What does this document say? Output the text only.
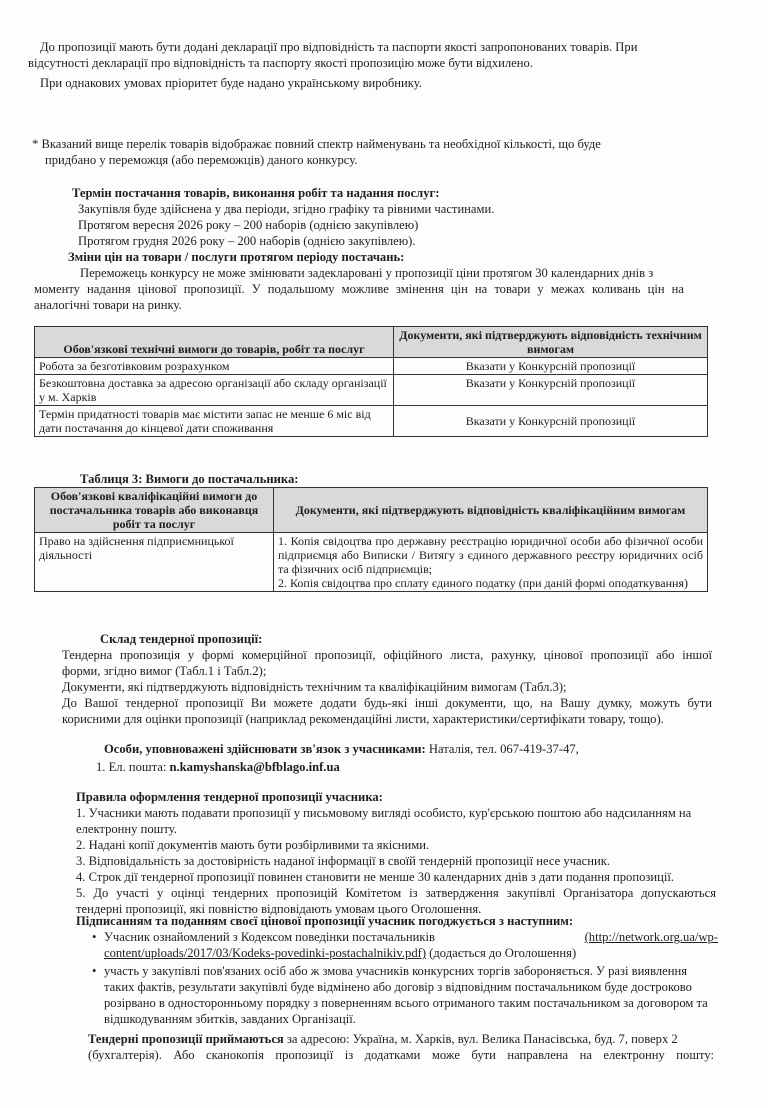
До пропозиції мають бути додані декларації про відповідність та паспорти якості запропонованих товарів. При
відсутності декларації про відповідність та паспорту якості пропозицію може бути відхилено.
При однакових умовах пріоритет буде надано українському виробнику.
* Вказаний вище перелік товарів відображає повний спектр найменувань та необхідної кількості, що буде
придбано у переможця (або переможців) даного конкурсу.
Термін постачання товарів, виконання робіт та надання послуг:
Закупівля буде здійснена у два періоди, згідно графіку та рівними частинами.
Протягом вересня 2026 року – 200 наборів (однією закупівлею)
Протягом грудня 2026 року – 200 наборів (однією закупівлею).
Зміни цін на товари / послуги протягом періоду постачань:
Переможець конкурсу не може змінювати задекларовані у пропозиції ціни протягом 30 календарних днів з
моменту надання цінової пропозиції. У подальшому можливе змінення цін на товари у межах коливань цін на
аналогічні товари на ринку.
Обов'язкові технічні вимоги до товарів, робіт та послуг	Документи, які підтверджують відповідність технічним вимогам
Робота за безготівковим розрахунком	Вказати у Конкурсній пропозиції
Безкоштовна доставка за адресою організації або складу організації у м. Харків	Вказати у Конкурсній пропозиції
Термін придатності товарів має містити запас не менше 6 міс від дати постачання до кінцевої дати споживання	Вказати у Конкурсній пропозиції
Таблиця 3: Вимоги до постачальника:
Обов'язкові кваліфікаційні вимоги до постачальника товарів або виконавця робіт та послуг	Документи, які підтверджують відповідність кваліфікаційним вимогам
Право на здійснення підприємницької діяльності	1. Копія свідоцтва про державну реєстрацію юридичної особи або фізичної особи підприємця або Виписки / Витягу з єдиного державного реєстру юридичних осіб та фізичних осіб підприємців;
2. Копія свідоцтва про сплату єдиного податку (при даній формі оподаткування)
Склад тендерної пропозиції:
Тендерна пропозиція у формі комерційної пропозиції, офіційного листа, рахунку, цінової пропозиції або іншої
форми, згідно вимог (Табл.1 і Табл.2);
Документи, які підтверджують відповідність технічним та кваліфікаційним вимогам (Табл.3);
До Вашої тендерної пропозиції Ви можете додати будь-які інші документи, що, на Вашу думку, можуть бути
корисними для оцінки пропозиції (наприклад рекомендаційні листи, характеристики/сертифікати товару, тощо).
Особи, уповноважені здійснювати зв'язок з учасниками: Наталія, тел. 067-419-37-47,
1. Ел. пошта: n.kamyshanska@bfblago.inf.ua
Правила оформлення тендерної пропозиції учасника:
1. Учасники мають подавати пропозиції у письмовому вигляді особисто, кур'єрською поштою або надсиланням на
електронну пошту.
2. Надані копії документів мають бути розбірливими та якісними.
3. Відповідальність за достовірність наданої інформації в своїй тендерній пропозиції несе учасник.
4. Строк дії тендерної пропозиції повинен становити не менше 30 календарних днів з дати подання пропозиції.
5. До участі у оцінці тендерних пропозицій Комітетом із затвердження закупівлі Організатора допускаються
тендерні пропозиції, які повністю відповідають умовам цього Оголошення.
Підписанням та поданням своєї цінової пропозиції учасник погоджується з наступним:
• Учасник ознайомлений з Кодексом поведінки постачальників	(http://network.org.ua/wp-
content/uploads/2017/03/Kodeks-povedinki-postachalnikiv.pdf) (додається до Оголошення)
• участь у закупівлі пов'язаних осіб або ж змова учасників конкурсних торгів забороняється. У разі виявлення
таких фактів, результати закупівлі буде відмінено або договір з відповідним постачальником буде достроково
розірвано в односторонньому порядку з поверненням всього отриманого таким постачальником за договором та
відшкодуванням збитків, завданих Організації.
Тендерні пропозиції приймаються за адресою: Україна, м. Харків, вул. Велика Панасівська, буд. 7, поверх 2
(бухгалтерія). Або сканокопія пропозиції із додатками може бути направлена на електронну пошту:
